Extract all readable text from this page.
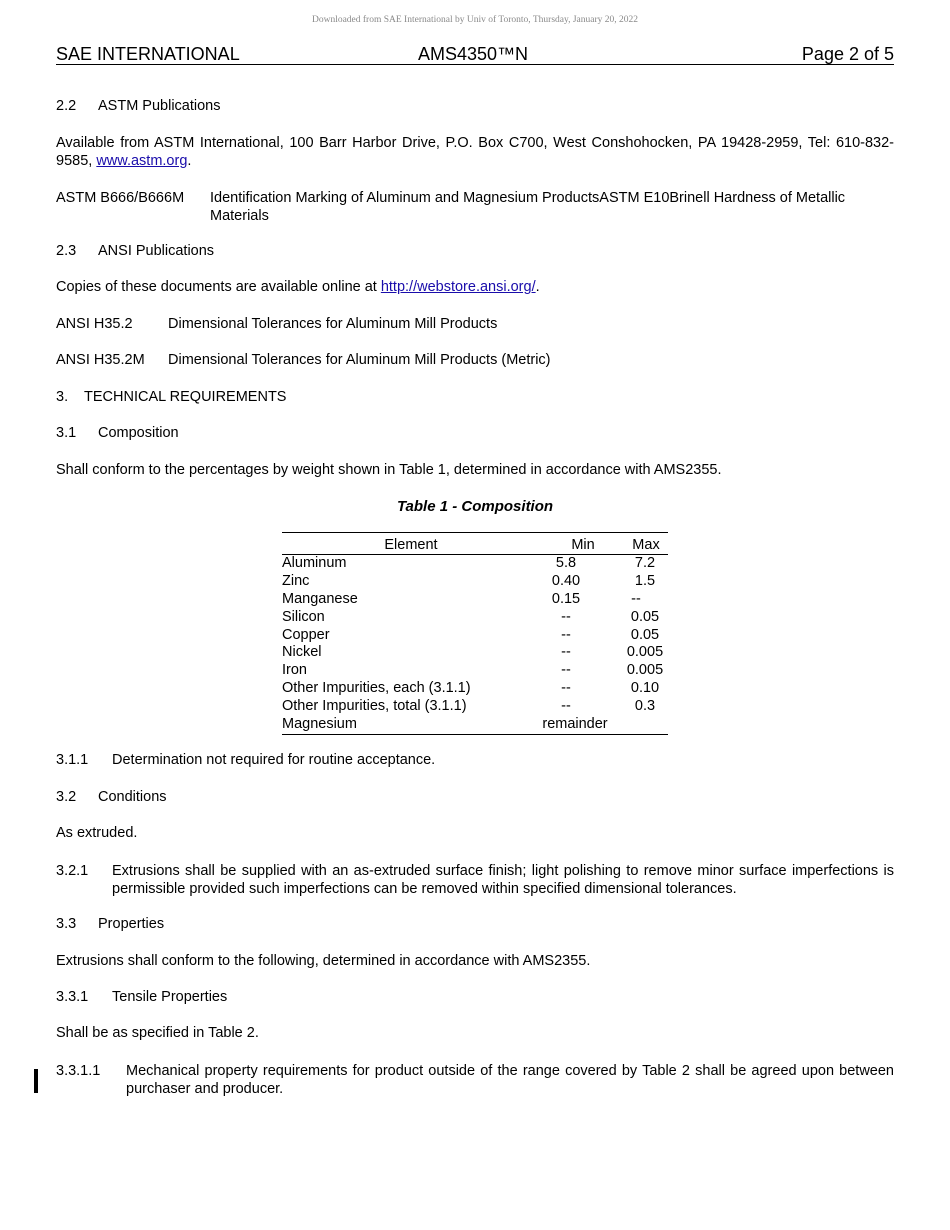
Downloaded from SAE International by Univ of Toronto, Thursday, January 20, 2022
SAE INTERNATIONAL	AMS4350™N	Page 2 of 5
2.2 ASTM Publications
Available from ASTM International, 100 Barr Harbor Drive, P.O. Box C700, West Conshohocken, PA 19428-2959, Tel: 610-832-9585, www.astm.org.
ASTM B666/B666M Identification Marking of Aluminum and Magnesium ProductsASTM E10Brinell Hardness of Metallic
Materials
2.3 ANSI Publications
Copies of these documents are available online at http://webstore.ansi.org/.
ANSI H35.2 Dimensional Tolerances for Aluminum Mill Products
ANSI H35.2M Dimensional Tolerances for Aluminum Mill Products (Metric)
3. TECHNICAL REQUIREMENTS
3.1 Composition
Shall conform to the percentages by weight shown in Table 1, determined in accordance with AMS2355.
Table 1 - Composition
Element	Min	Max
Aluminum	5.8	7.2
Zinc	0.40	1.5
Manganese	0.15	--
Silicon	--	0.05
Copper	--	0.05
Nickel	--	0.005
Iron	--	0.005
Other Impurities, each (3.1.1)	--	0.10
Other Impurities, total (3.1.1)	--	0.3
Magnesium	remainder
3.1.1 Determination not required for routine acceptance.
3.2 Conditions
As extruded.
3.2.1 Extrusions shall be supplied with an as-extruded surface finish; light polishing to remove minor surface imperfections is permissible provided such imperfections can be removed within specified dimensional tolerances.
3.3 Properties
Extrusions shall conform to the following, determined in accordance with AMS2355.
3.3.1 Tensile Properties
Shall be as specified in Table 2.
3.3.1.1 Mechanical property requirements for product outside of the range covered by Table 2 shall be agreed upon between purchaser and producer.
